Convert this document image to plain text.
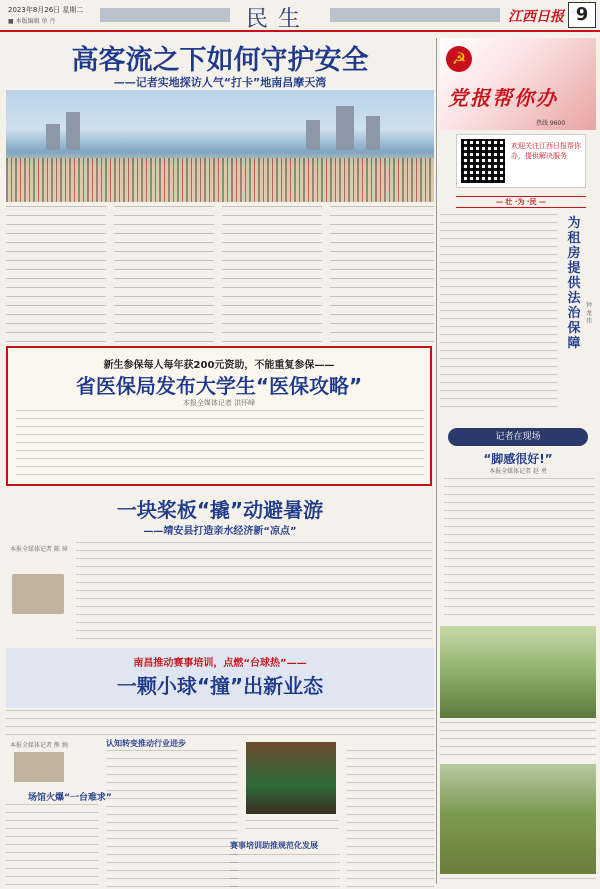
2023年8月26日 星期二
■ 本版编辑 单 丹	民生	江西日报 9
高客流之下如何守护安全
——记者实地探访人气“打卡”地南昌摩天湾
新生参保每人每年获200元资助，不能重复参保——
省医保局发布大学生“医保攻略”
本报全媒体记者 洪怀峰
一块桨板“撬”动避暑游
——靖安县打造亲水经济新“凉点”
本报全媒体记者 陈 璋
南昌推动赛事培训，点燃“台球热”——
一颗小球“撞”出新业态
本报全媒体记者 熊 婉
场馆火爆“一台难求”
认知转变推动行业进步
赛事培训助推规范化发展
☭
党报帮你办
热线 9600
欢迎关注江西日报帮你办，提供解决服务
— 壮 ·为 ·民 —
为租房提供法治保障
钟龙伟
记者在现场
“脚感很好!”
本报全媒体记者 赵 勇
